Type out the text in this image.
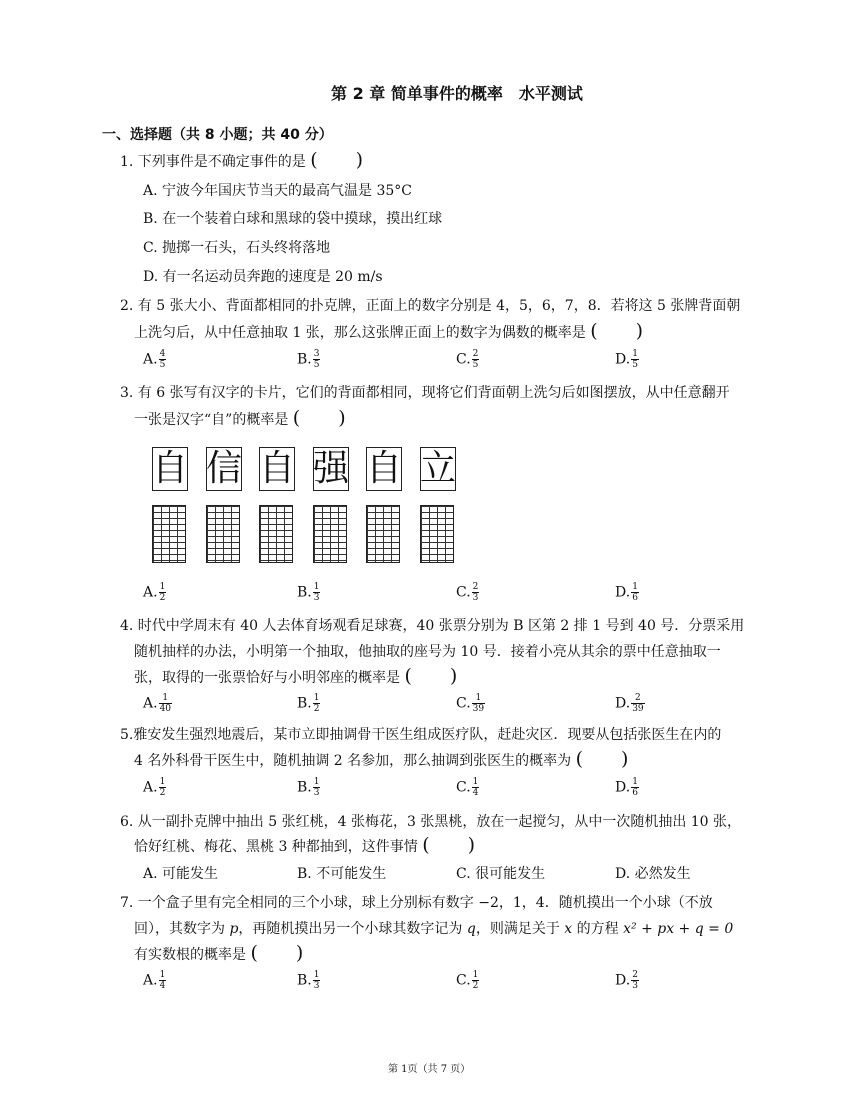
第 2 章 简单事件的概率　水平测试
一、选择题（共 8 小题；共 40 分）
1. 下列事件是不确定事件的是 (　　)
A. 宁波今年国庆节当天的最高气温是 35°C
B. 在一个装着白球和黑球的袋中摸球，摸出红球
C. 抛掷一石头，石头终将落地
D. 有一名运动员奔跑的速度是 20 m/s
2. 有 5 张大小、背面都相同的扑克牌，正面上的数字分别是 4，5，6，7，8．若将这 5 张牌背面朝
上洗匀后，从中任意抽取 1 张，那么这张牌正面上的数字为偶数的概率是 (　　)
A. $\frac{4}{5}$	B. $\frac{3}{5}$	C. $\frac{2}{5}$	D. $\frac{1}{5}$
3. 有 6 张写有汉字的卡片，它们的背面都相同，现将它们背面朝上洗匀后如图摆放，从中任意翻开
一张是汉字“自”的概率是 (　　)
自 信 自 强 自 立
A. $\frac{1}{2}$	B. $\frac{1}{3}$	C. $\frac{2}{3}$	D. $\frac{1}{6}$
4. 时代中学周末有 40 人去体育场观看足球赛，40 张票分别为 B 区第 2 排 1 号到 40 号．分票采用
随机抽样的办法，小明第一个抽取，他抽取的座号为 10 号．接着小亮从其余的票中任意抽取一
张，取得的一张票恰好与小明邻座的概率是 (　　)
A. $\frac{1}{40}$	B. $\frac{1}{2}$	C. $\frac{1}{39}$	D. $\frac{2}{39}$
5.雅安发生强烈地震后，某市立即抽调骨干医生组成医疗队，赶赴灾区．现要从包括张医生在内的
4 名外科骨干医生中，随机抽调 2 名参加，那么抽调到张医生的概率为 (　　)
A. $\frac{1}{2}$	B. $\frac{1}{3}$	C. $\frac{1}{4}$	D. $\frac{1}{6}$
6. 从一副扑克牌中抽出 5 张红桃，4 张梅花，3 张黑桃，放在一起搅匀，从中一次随机抽出 10 张，
恰好红桃、梅花、黑桃 3 种都抽到，这件事情 (　　)
A. 可能发生	B. 不可能发生	C. 很可能发生	D. 必然发生
7. 一个盒子里有完全相同的三个小球，球上分别标有数字 −2，1，4．随机摸出一个小球（不放
回），其数字为 p，再随机摸出另一个小球其数字记为 q，则满足关于 x 的方程 x² + px + q = 0
有实数根的概率是 (　　)
A. $\frac{1}{4}$	B. $\frac{1}{3}$	C. $\frac{1}{2}$	D. $\frac{2}{3}$
第 1页（共 7 页）
